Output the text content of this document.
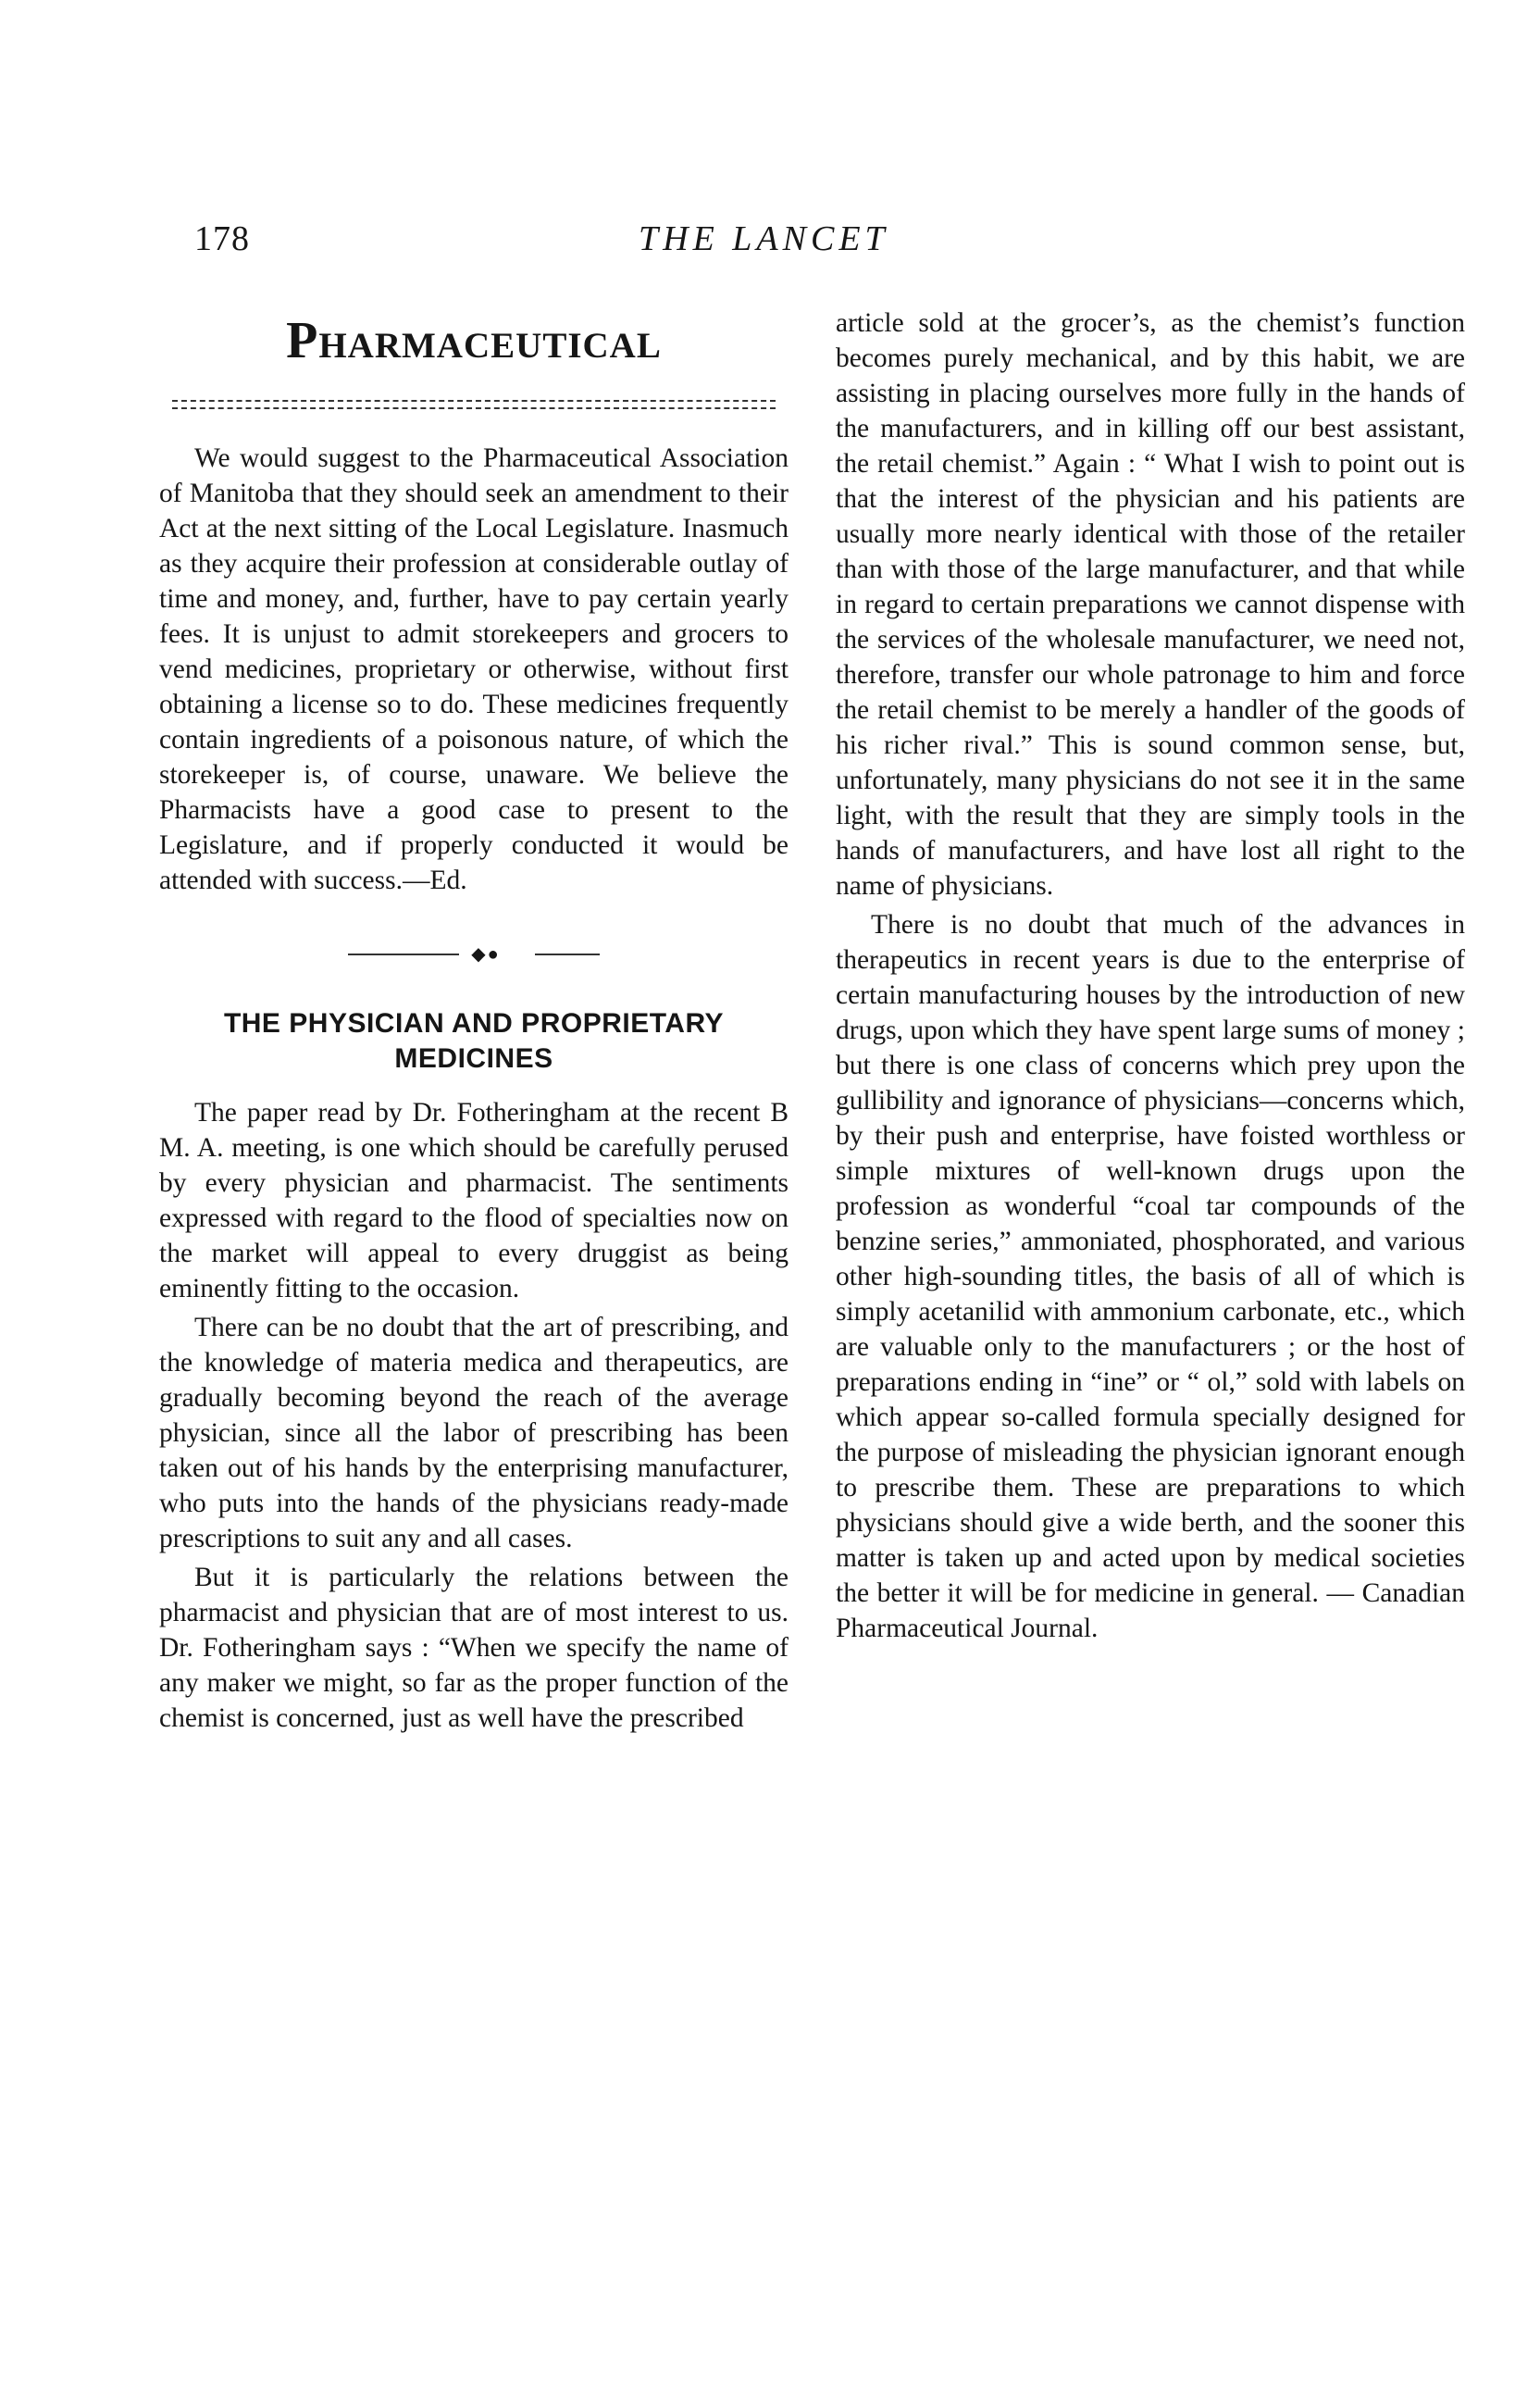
178	THE LANCET
Pharmaceutical

We would suggest to the Pharmaceutical Association of Manitoba that they should seek an amendment to their Act at the next sitting of the Local Legislature. Inasmuch as they acquire their profession at considerable outlay of time and money, and, further, have to pay certain yearly fees. It is unjust to admit storekeepers and grocers to vend medicines, proprietary or otherwise, without first obtaining a license so to do. These medicines frequently contain ingredients of a poisonous nature, of which the storekeeper is, of course, unaware. We believe the Pharmacists have a good case to present to the Legislature, and if properly conducted it would be attended with success.—Ed.

◆●
THE PHYSICIAN AND PROPRIETARY MEDICINES

The paper read by Dr. Fotheringham at the recent B M. A. meeting, is one which should be carefully perused by every physician and pharmacist. The sentiments expressed with regard to the flood of specialties now on the market will appeal to every druggist as being eminently fitting to the occasion.

There can be no doubt that the art of prescribing, and the knowledge of materia medica and therapeutics, are gradually becoming beyond the reach of the average physician, since all the labor of prescribing has been taken out of his hands by the enterprising manufacturer, who puts into the hands of the physicians ready-made prescriptions to suit any and all cases.

But it is particularly the relations between the pharmacist and physician that are of most interest to us. Dr. Fotheringham says : “When we specify the name of any maker we might, so far as the proper function of the chemist is concerned, just as well have the prescribed

article sold at the grocer’s, as the chemist’s function becomes purely mechanical, and by this habit, we are assisting in placing ourselves more fully in the hands of the manufacturers, and in killing off our best assistant, the retail chemist.” Again : “ What I wish to point out is that the interest of the physician and his patients are usually more nearly identical with those of the retailer than with those of the large manufacturer, and that while in regard to certain preparations we cannot dispense with the services of the wholesale manufacturer, we need not, therefore, transfer our whole patronage to him and force the retail chemist to be merely a handler of the goods of his richer rival.” This is sound common sense, but, unfortunately, many physicians do not see it in the same light, with the result that they are simply tools in the hands of manufacturers, and have lost all right to the name of physicians.

There is no doubt that much of the advances in therapeutics in recent years is due to the enterprise of certain manufacturing houses by the introduction of new drugs, upon which they have spent large sums of money ; but there is one class of concerns which prey upon the gullibility and ignorance of physicians—concerns which, by their push and enterprise, have foisted worthless or simple mixtures of well-known drugs upon the profession as wonderful “coal tar compounds of the benzine series,” ammoniated, phosphorated, and various other high-sounding titles, the basis of all of which is simply acetanilid with ammonium carbonate, etc., which are valuable only to the manufacturers ; or the host of preparations ending in “ine” or “ ol,” sold with labels on which appear so-called formula specially designed for the purpose of misleading the physician ignorant enough to prescribe them. These are preparations to which physicians should give a wide berth, and the sooner this matter is taken up and acted upon by medical societies the better it will be for medicine in general. — Canadian Pharmaceutical Journal.
